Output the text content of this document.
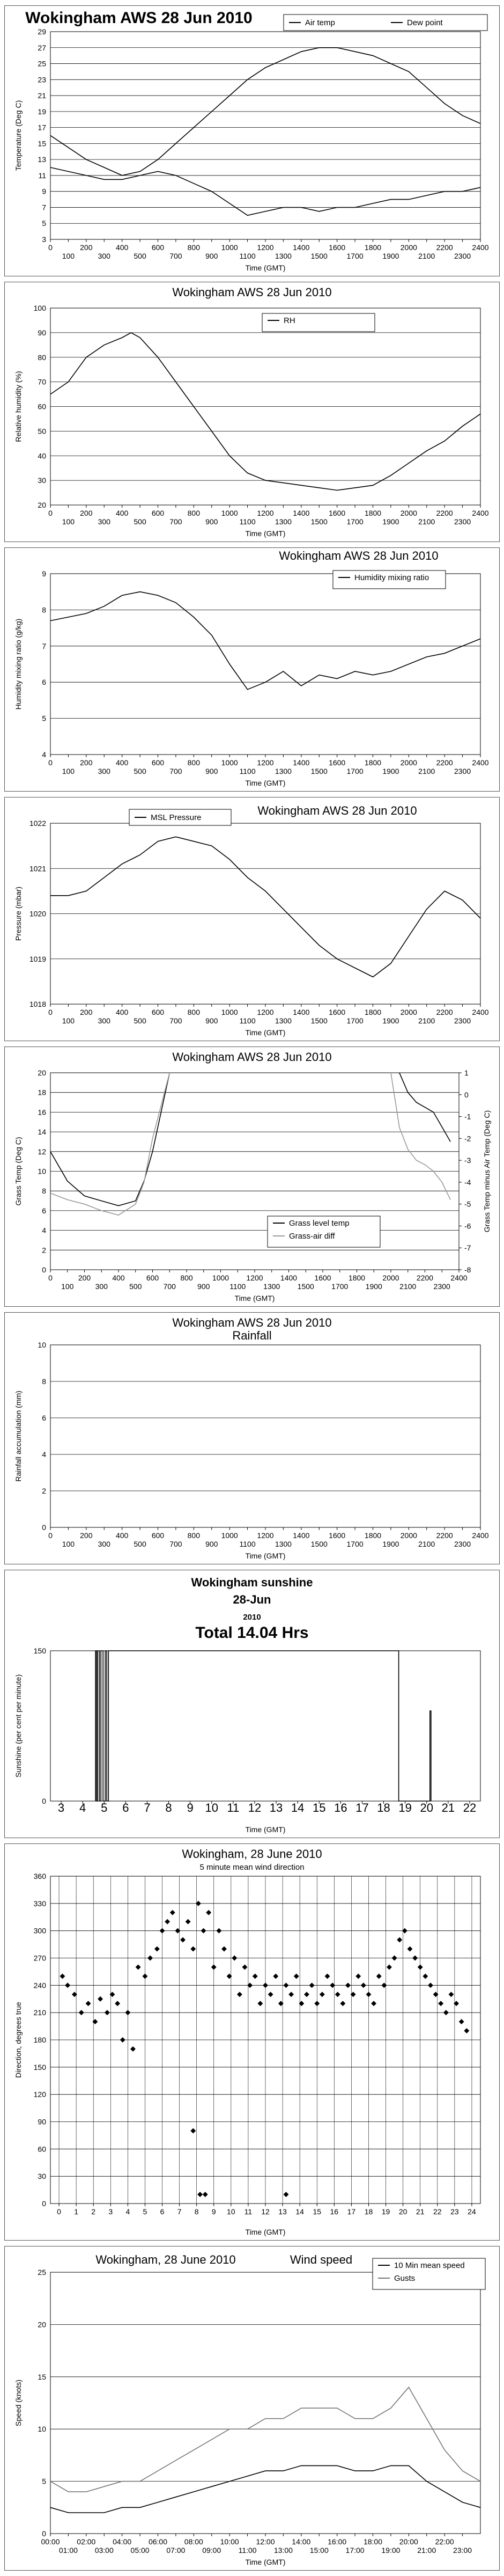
3
5
7
9
11
13
15
17
19
21
23
25
27
29
0
100
200
300
400
500
600
700
800
900
1000
1100
1200
1300
1400
1500
1600
1700
1800
1900
2000
2100
2200
2300
2400
Time (GMT)
Temperature (Deg C)
Wokingham AWS 28 Jun 2010	Air temp	Dew point
20
30
40
50
60
70
80
90
100
0
100
200
300
400
500
600
700
800
900
1000
1100
1200
1300
1400
1500
1600
1700
1800
1900
2000
2100
2200
2300
2400
Time (GMT)
Relative humidity (%)
Wokingham AWS 28 Jun 2010
RH
4
5
6
7
8
9
0
100
200
300
400
500
600
700
800
900
1000
1100
1200
1300
1400
1500
1600
1700
1800
1900
2000
2100
2200
2300
2400
Time (GMT)
Humidity mixing ratio (g/kg)
Wokingham AWS 28 Jun 2010
Humidity mixing ratio
1018
1019
1020
1021
1022
0
100
200
300
400
500
600
700
800
900
1000
1100
1200
1300
1400
1500
1600
1700
1800
1900
2000
2100
2200
2300
2400
Time (GMT)
Pressure (mbar)
Wokingham AWS 28 Jun 2010
MSL Pressure
0
2
4
6
8
10
12
14
16
18
20
-8
-7
-6
-5
-4
-3
-2
-1
0
1
0
100
200
300
400
500
600
700
800
900
1000
1100
1200
1300
1400
1500
1600
1700
1800
1900
2000
2100
2200
2300
2400
Time (GMT)
Grass Temp (Deg C)	Grass Temp minus Air Temp (Deg C)
Wokingham AWS 28 Jun 2010
Grass level temp
Grass-air diff
0
2
4
6
8
10
0
100
200
300
400
500
600
700
800
900
1000
1100
1200
1300
1400
1500
1600
1700
1800
1900
2000
2100
2200
2300
2400
Time (GMT)
Rainfall accumulation (mm)
Wokingham AWS 28 Jun 2010
Rainfall
0
150
3 4 5 6 7 8 9 10 11 12 13 14 15 16 17 18 19 20 21 22
Time (GMT)
Sunshine (per cent per minute)
Wokingham sunshine
28-Jun
2010
Total 14.04 Hrs
0
30
60
90
120
150
180
210
240
270
300
330
360
0 1 2 3 4 5 6 7 8 9 10 11 12 13 14 15 16 17 18 19 20 21 22 23 24
Time (GMT)
Direction, degrees true
Wokingham, 28 June 2010
5 minute mean wind direction
0
5
10
15
20
25
00:00
01:00
02:00
03:00
04:00
05:00
06:00
07:00
08:00
09:00
10:00
11:00
12:00
13:00
14:00
15:00
16:00
17:00
18:00
19:00
20:00
21:00
22:00
23:00
Time (GMT)
Speed (knots)
Wokingham, 28 June 2010	Wind speed	10 Min mean speed
Gusts
